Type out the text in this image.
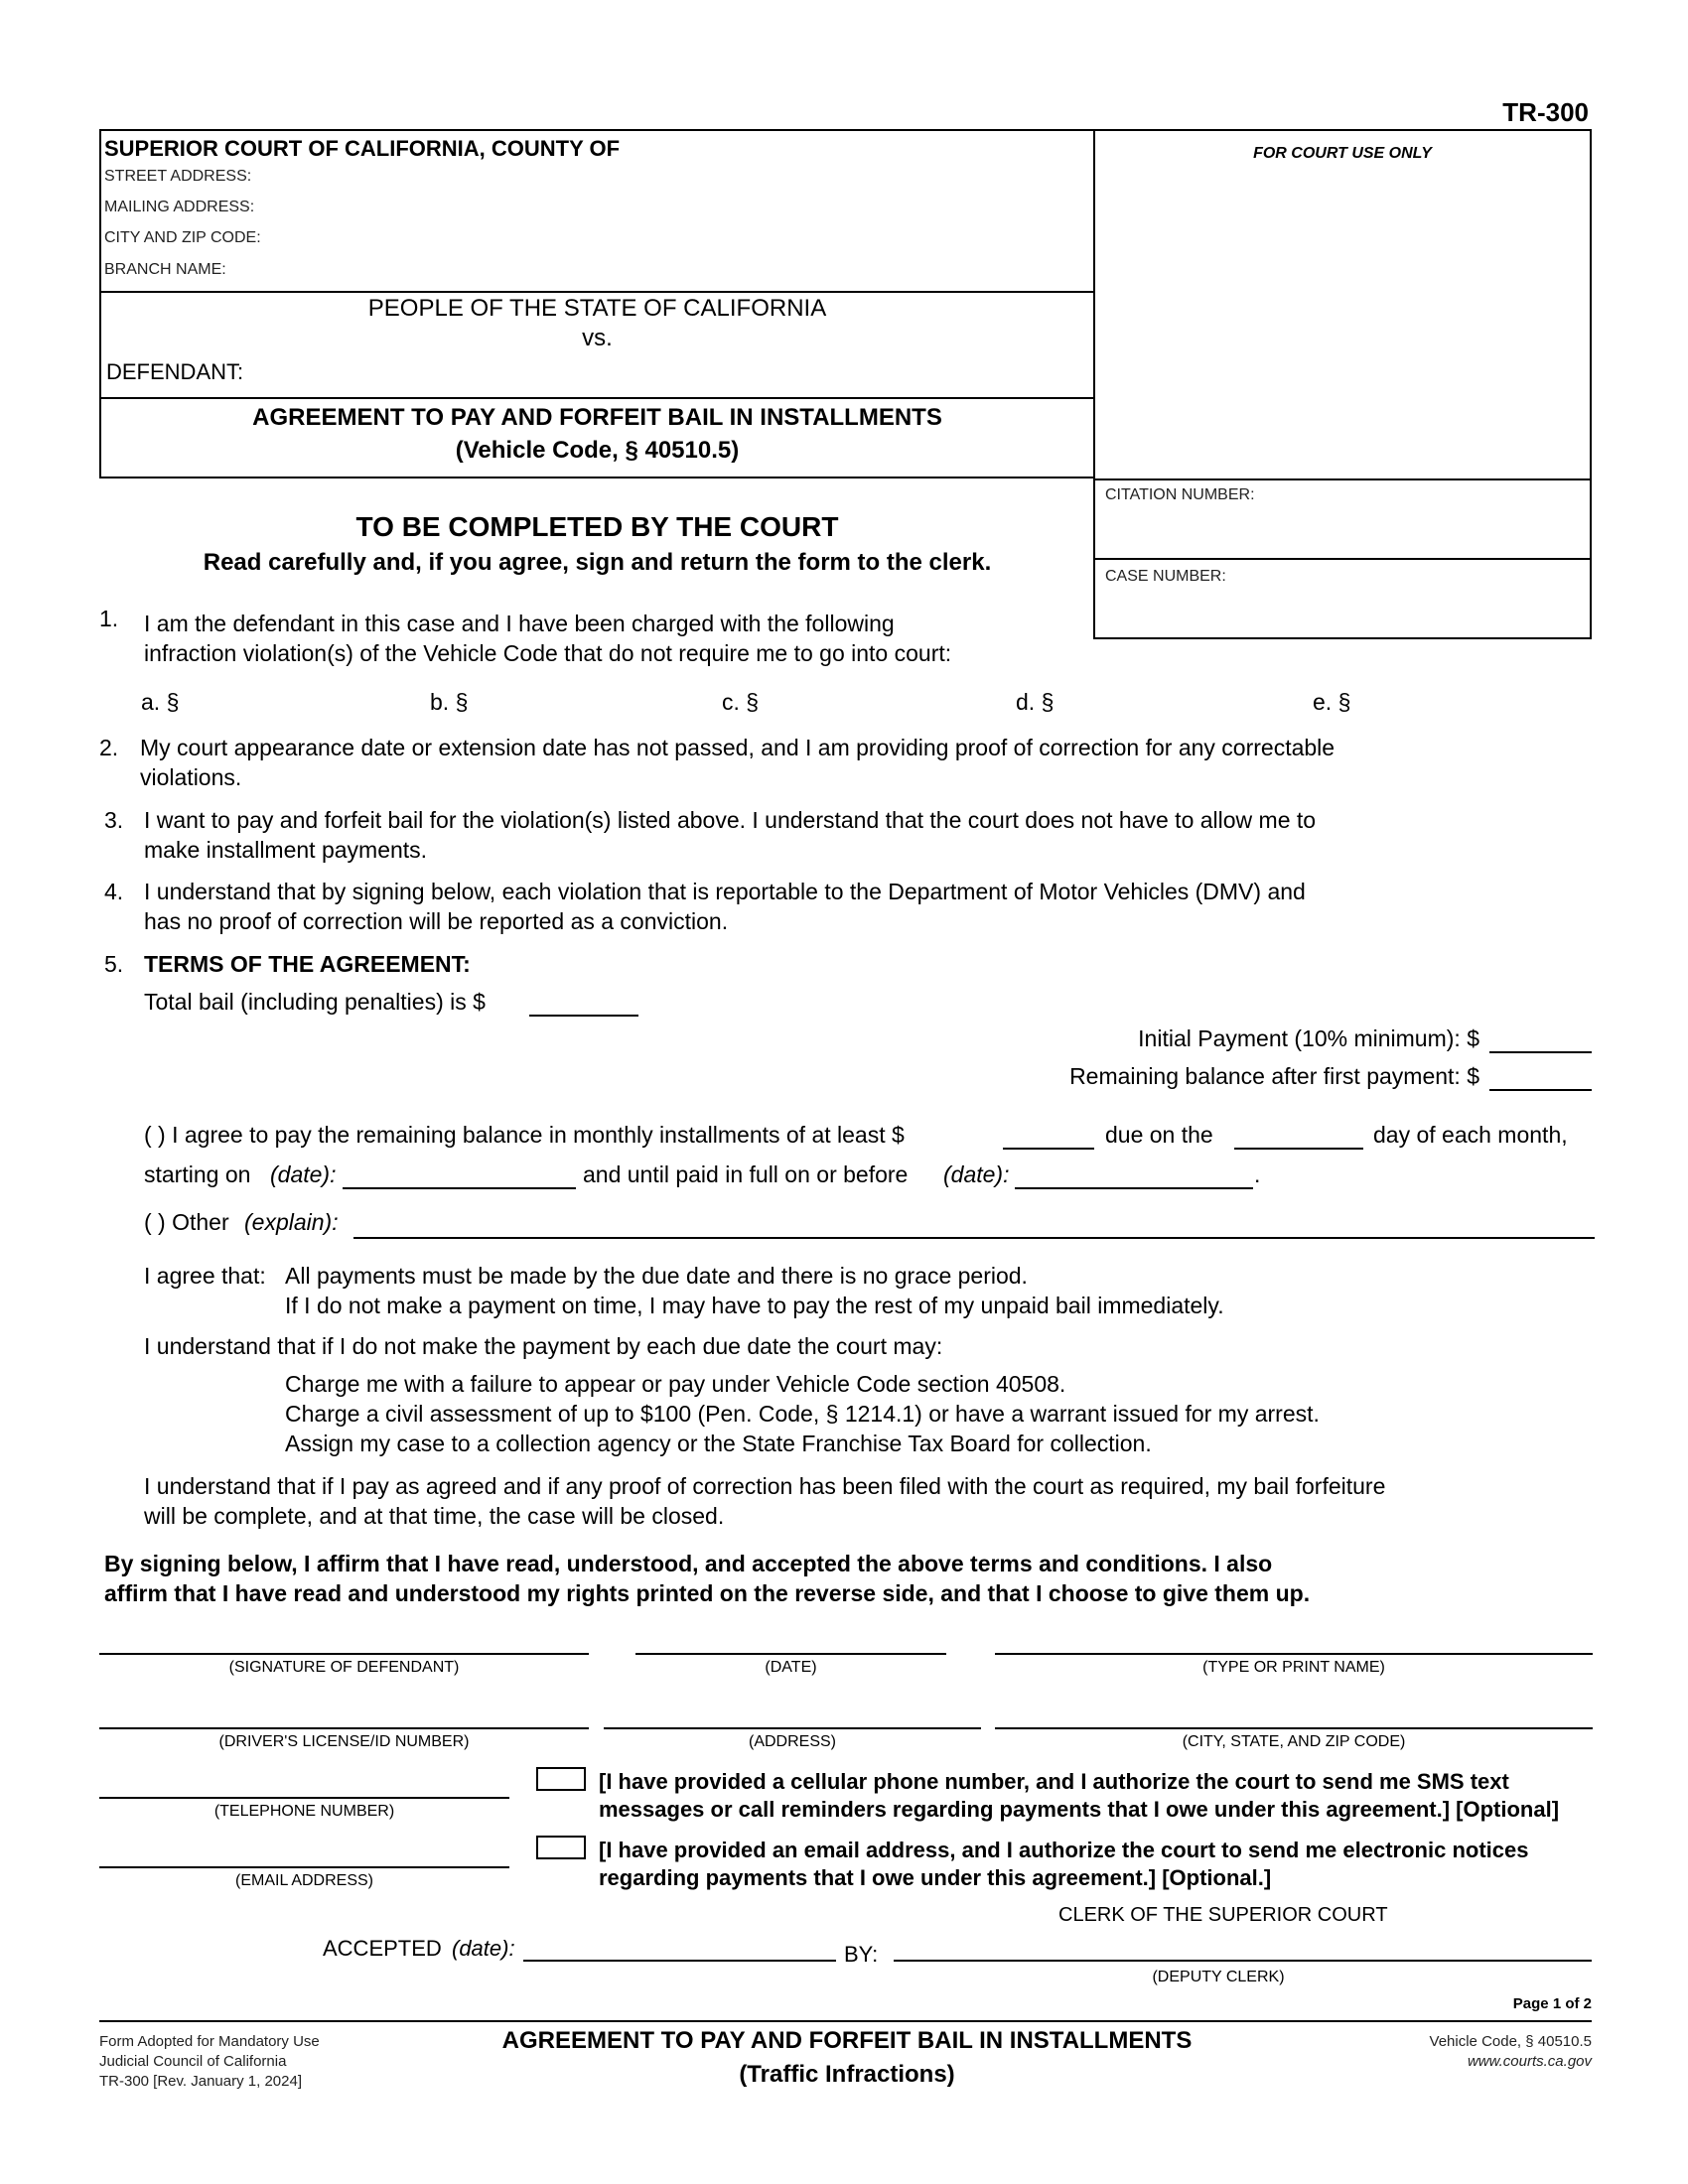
TR-300
SUPERIOR COURT OF CALIFORNIA, COUNTY OF
STREET ADDRESS:
MAILING ADDRESS:
CITY AND ZIP CODE:
BRANCH NAME:
FOR COURT USE ONLY
PEOPLE OF THE STATE OF CALIFORNIA
vs.
DEFENDANT:
AGREEMENT TO PAY AND FORFEIT BAIL IN INSTALLMENTS
(Vehicle Code, § 40510.5)
CITATION NUMBER:
CASE NUMBER:
TO BE COMPLETED BY THE COURT
Read carefully and, if you agree, sign and return the form to the clerk.
1. I am the defendant in this case and I have been charged with the following
infraction violation(s) of the Vehicle Code that do not require me to go into court:
a. §	b. §	c. §	d. §	e. §
2. My court appearance date or extension date has not passed, and I am providing proof of correction for any correctable
violations.
3. I want to pay and forfeit bail for the violation(s) listed above. I understand that the court does not have to allow me to
make installment payments.
4. I understand that by signing below, each violation that is reportable to the Department of Motor Vehicles (DMV) and
has no proof of correction will be reported as a conviction.
5. TERMS OF THE AGREEMENT:
Total bail (including penalties) is $
Initial Payment (10% minimum): $
Remaining balance after first payment: $
( ) I agree to pay the remaining balance in monthly installments of at least $	due on the	day of each month,
starting on (date):	and until paid in full on or before (date):	.
( ) Other (explain):
I agree that: All payments must be made by the due date and there is no grace period.
If I do not make a payment on time, I may have to pay the rest of my unpaid bail immediately.
I understand that if I do not make the payment by each due date the court may:
Charge me with a failure to appear or pay under Vehicle Code section 40508.
Charge a civil assessment of up to $100 (Pen. Code, § 1214.1) or have a warrant issued for my arrest.
Assign my case to a collection agency or the State Franchise Tax Board for collection.
I understand that if I pay as agreed and if any proof of correction has been filed with the court as required, my bail forfeiture
will be complete, and at that time, the case will be closed.
By signing below, I affirm that I have read, understood, and accepted the above terms and conditions. I also
affirm that I have read and understood my rights printed on the reverse side, and that I choose to give them up.
(SIGNATURE OF DEFENDANT)	(DATE)	(TYPE OR PRINT NAME)
(DRIVER'S LICENSE/ID NUMBER)	(ADDRESS)	(CITY, STATE, AND ZIP CODE)
(TELEPHONE NUMBER)
[I have provided a cellular phone number, and I authorize the court to send me SMS text
messages or call reminders regarding payments that I owe under this agreement.] [Optional]
(EMAIL ADDRESS)
[I have provided an email address, and I authorize the court to send me electronic notices
regarding payments that I owe under this agreement.] [Optional.]
CLERK OF THE SUPERIOR COURT
ACCEPTED (date):	BY:
(DEPUTY CLERK)
Page 1 of 2
Form Adopted for Mandatory Use
Judicial Council of California
TR-300 [Rev. January 1, 2024]
AGREEMENT TO PAY AND FORFEIT BAIL IN INSTALLMENTS
(Traffic Infractions)
Vehicle Code, § 40510.5
www.courts.ca.gov
